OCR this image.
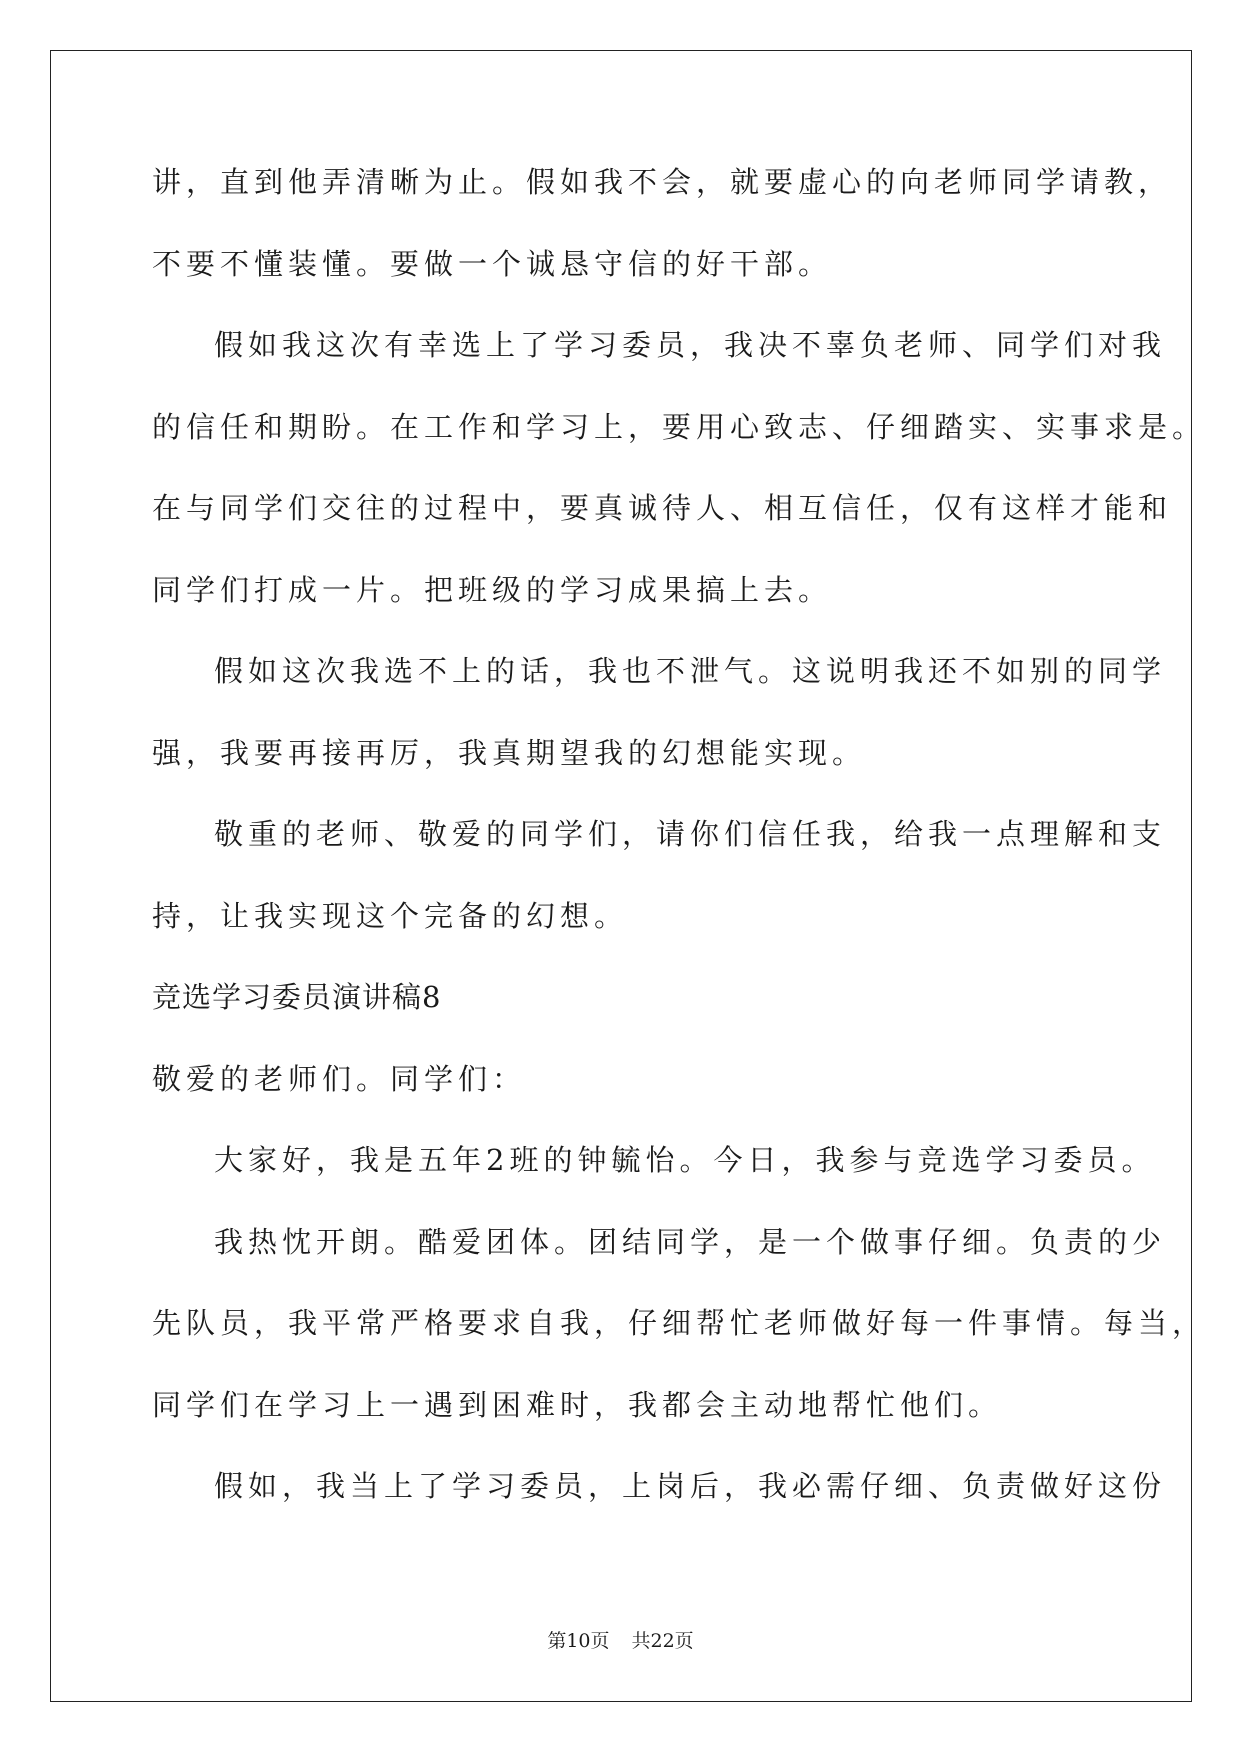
讲，直到他弄清晰为止。假如我不会，就要虚心的向老师同学请教，
不要不懂装懂。要做一个诚恳守信的好干部。
假如我这次有幸选上了学习委员，我决不辜负老师、同学们对我
的信任和期盼。在工作和学习上，要用心致志、仔细踏实、实事求是。
在与同学们交往的过程中，要真诚待人、相互信任，仅有这样才能和
同学们打成一片。把班级的学习成果搞上去。
假如这次我选不上的话，我也不泄气。这说明我还不如别的同学
强，我要再接再厉，我真期望我的幻想能实现。
敬重的老师、敬爱的同学们，请你们信任我，给我一点理解和支
持，让我实现这个完备的幻想。
竞选学习委员演讲稿8
敬爱的老师们。同学们：
大家好，我是五年2班的钟毓怡。今日，我参与竞选学习委员。
我热忱开朗。酷爱团体。团结同学，是一个做事仔细。负责的少
先队员，我平常严格要求自我，仔细帮忙老师做好每一件事情。每当，
同学们在学习上一遇到困难时，我都会主动地帮忙他们。
假如，我当上了学习委员，上岗后，我必需仔细、负责做好这份
第10页 共22页
